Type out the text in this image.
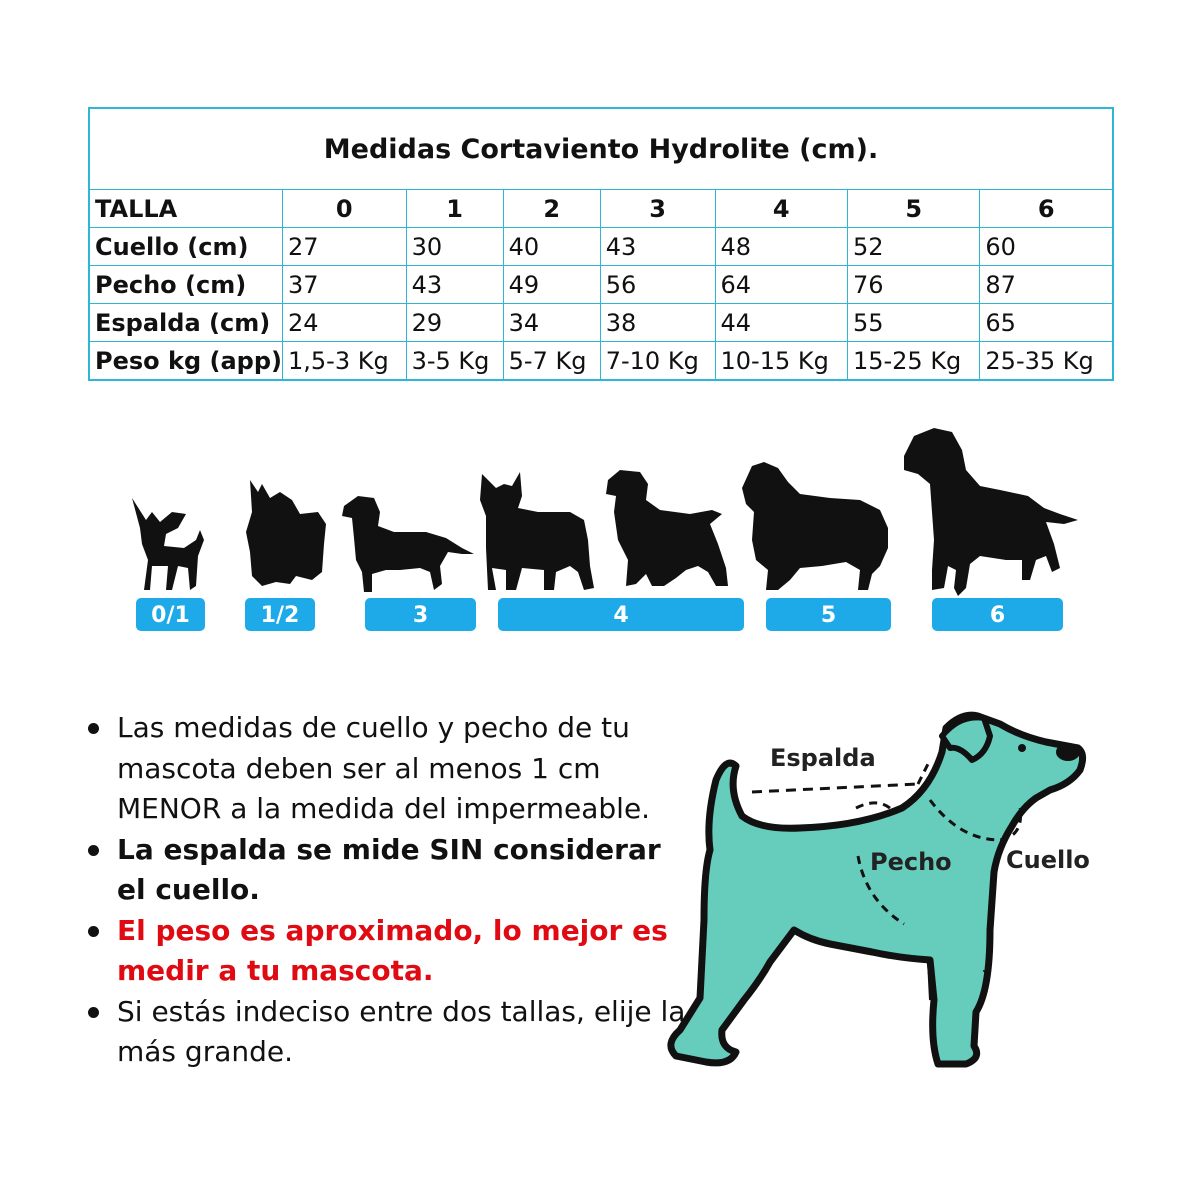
Medidas Cortaviento Hydrolite (cm).							
TALLA	0	1	2	3	4	5	6
Cuello (cm)	27	30	40	43	48	52	60
Pecho (cm)	37	43	49	56	64	76	87
Espalda (cm)	24	29	34	38	44	55	65
Peso kg (app)	1,5-3 Kg	3-5 Kg	5-7 Kg	7-10 Kg	10-15 Kg	15-25 Kg	25-35 Kg
0/1	1/2	3	4	5	6
Las medidas de cuello y pecho de tu mascota deben ser al menos 1 cm MENOR a la medida del impermeable.
La espalda se mide SIN considerar el cuello.
El peso es aproximado, lo mejor es medir a tu mascota.
Si estás indeciso entre dos tallas, elije la más grande.
Espalda
Pecho Cuello
